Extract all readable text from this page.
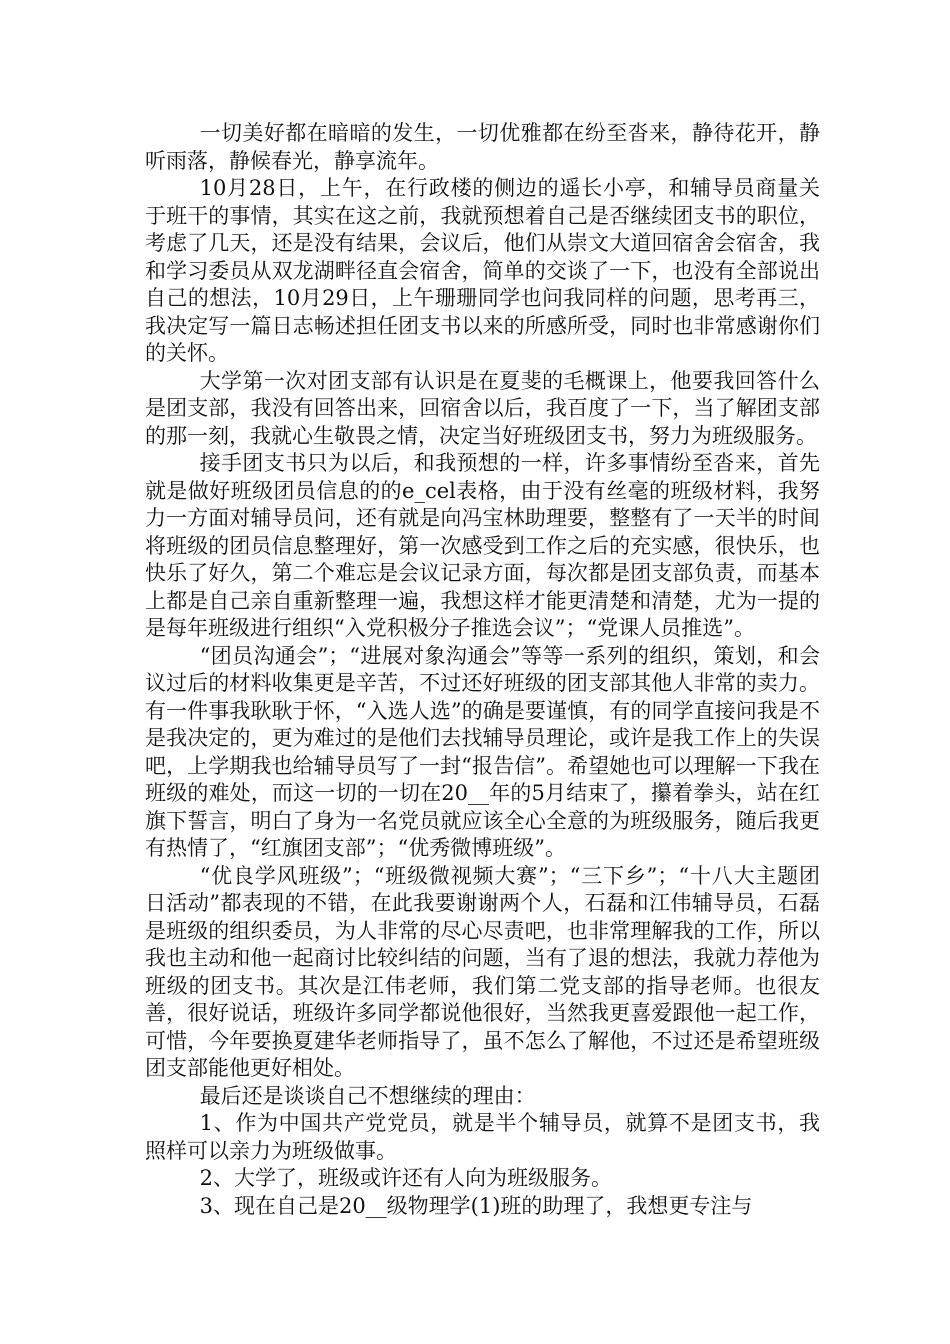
一切美好都在暗暗的发生，一切优雅都在纷至沓来，静待花开，静听雨落，静候春光，静享流年。

10月28日，上午，在行政楼的侧边的遥长小亭，和辅导员商量关于班干的事情，其实在这之前，我就预想着自己是否继续团支书的职位，考虑了几天，还是没有结果，会议后，他们从崇文大道回宿舍会宿舍，我和学习委员从双龙湖畔径直会宿舍，简单的交谈了一下，也没有全部说出自己的想法，10月29日，上午珊珊同学也问我同样的问题，思考再三，我决定写一篇日志畅述担任团支书以来的所感所受，同时也非常感谢你们的关怀。

大学第一次对团支部有认识是在夏斐的毛概课上，他要我回答什么是团支部，我没有回答出来，回宿舍以后，我百度了一下，当了解团支部的那一刻，我就心生敬畏之情，决定当好班级团支书，努力为班级服务。

接手团支书只为以后，和我预想的一样，许多事情纷至沓来，首先就是做好班级团员信息的的e_cel表格，由于没有丝毫的班级材料，我努力一方面对辅导员问，还有就是向冯宝林助理要，整整有了一天半的时间将班级的团员信息整理好，第一次感受到工作之后的充实感，很快乐，也快乐了好久，第二个难忘是会议记录方面，每次都是团支部负责，而基本上都是自己亲自重新整理一遍，我想这样才能更清楚和清楚，尤为一提的是每年班级进行组织“入党积极分子推选会议”；“党课人员推选”。

“团员沟通会”；“进展对象沟通会”等等一系列的组织，策划，和会议过后的材料收集更是辛苦，不过还好班级的团支部其他人非常的卖力。有一件事我耿耿于怀，“入选人选”的确是要谨慎，有的同学直接问我是不是我决定的，更为难过的是他们去找辅导员理论，或许是我工作上的失误吧，上学期我也给辅导员写了一封“报告信”。希望她也可以理解一下我在班级的难处，而这一切的一切在20__年的5月结束了，攥着拳头，站在红旗下誓言，明白了身为一名党员就应该全心全意的为班级服务，随后我更有热情了，“红旗团支部”；“优秀微博班级”。

“优良学风班级”；“班级微视频大赛”；“三下乡”；“十八大主题团日活动”都表现的不错，在此我要谢谢两个人，石磊和江伟辅导员，石磊是班级的组织委员，为人非常的尽心尽责吧，也非常理解我的工作，所以我也主动和他一起商讨比较纠结的问题，当有了退的想法，我就力荐他为班级的团支书。其次是江伟老师，我们第二党支部的指导老师。也很友善，很好说话，班级许多同学都说他很好，当然我更喜爱跟他一起工作，可惜，今年要换夏建华老师指导了，虽不怎么了解他，不过还是希望班级团支部能他更好相处。

最后还是谈谈自己不想继续的理由：

1、作为中国共产党党员，就是半个辅导员，就算不是团支书，我照样可以亲力为班级做事。

2、大学了，班级或许还有人向为班级服务。

3、现在自己是20__级物理学(1)班的助理了，我想更专注与
